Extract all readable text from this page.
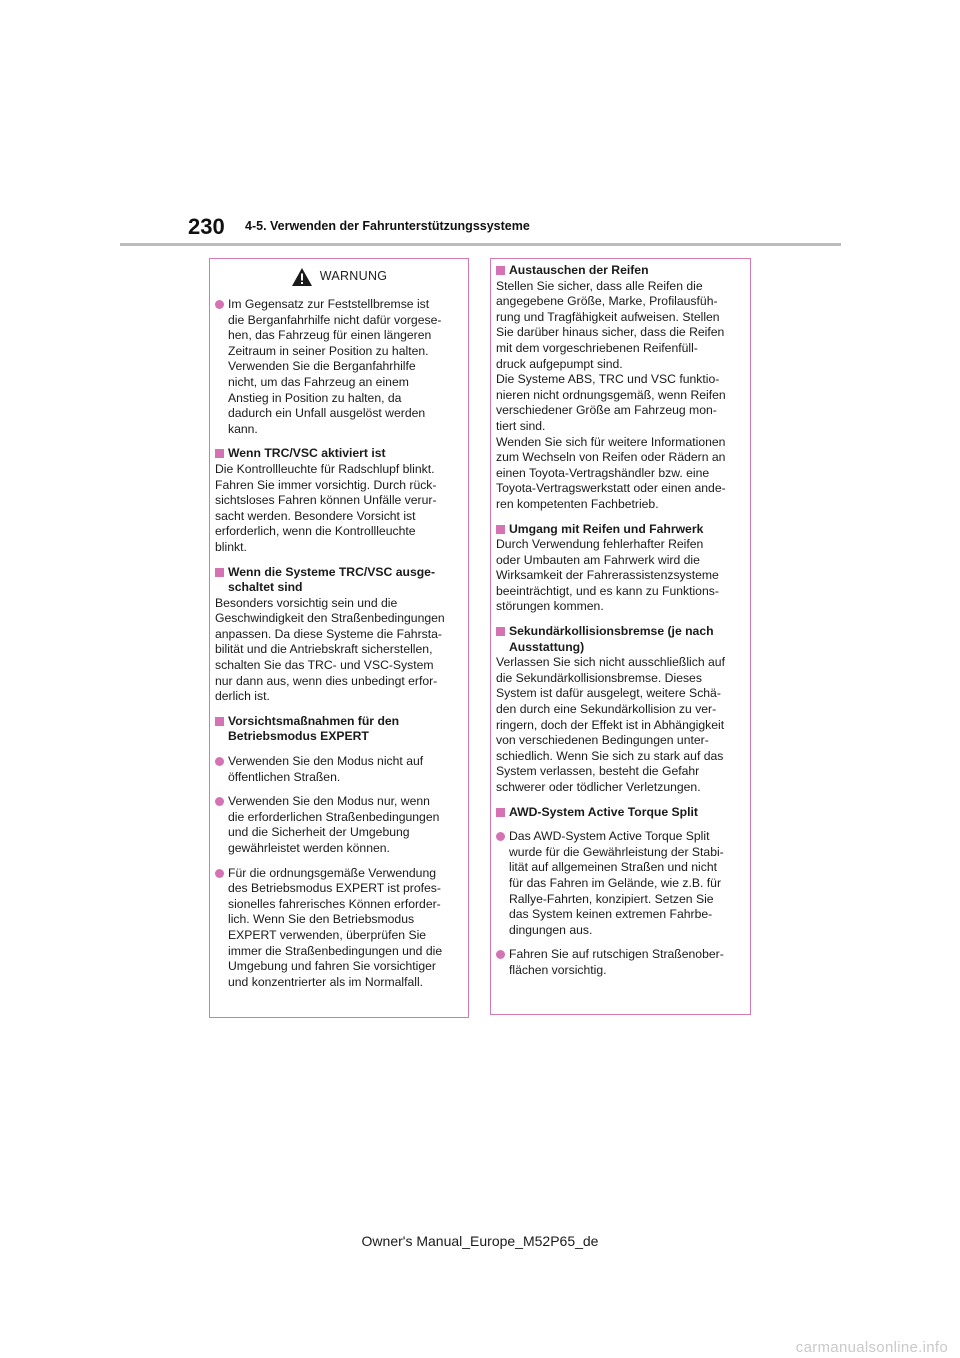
230 4-5. Verwenden der Fahrunterstützungssysteme
WARNUNG

Im Gegensatz zur Feststellbremse ist
die Berganfahrhilfe nicht dafür vorgese-
hen, das Fahrzeug für einen längeren
Zeitraum in seiner Position zu halten.
Verwenden Sie die Berganfahrhilfe
nicht, um das Fahrzeug an einem
Anstieg in Position zu halten, da
dadurch ein Unfall ausgelöst werden
kann.

Wenn TRC/VSC aktiviert ist

Die Kontrollleuchte für Radschlupf blinkt.
Fahren Sie immer vorsichtig. Durch rück-
sichtsloses Fahren können Unfälle verur-
sacht werden. Besondere Vorsicht ist
erforderlich, wenn die Kontrollleuchte
blinkt.

Wenn die Systeme TRC/VSC ausge-
schaltet sind

Besonders vorsichtig sein und die
Geschwindigkeit den Straßenbedingungen
anpassen. Da diese Systeme die Fahrsta-
bilität und die Antriebskraft sicherstellen,
schalten Sie das TRC- und VSC-System
nur dann aus, wenn dies unbedingt erfor-
derlich ist.

Vorsichtsmaßnahmen für den
Betriebsmodus EXPERT

Verwenden Sie den Modus nicht auf
öffentlichen Straßen.

Verwenden Sie den Modus nur, wenn
die erforderlichen Straßenbedingungen
und die Sicherheit der Umgebung
gewährleistet werden können.

Für die ordnungsgemäße Verwendung
des Betriebsmodus EXPERT ist profes-
sionelles fahrerisches Können erforder-
lich. Wenn Sie den Betriebsmodus
EXPERT verwenden, überprüfen Sie
immer die Straßenbedingungen und die
Umgebung und fahren Sie vorsichtiger
und konzentrierter als im Normalfall.

Austauschen der Reifen

Stellen Sie sicher, dass alle Reifen die
angegebene Größe, Marke, Profilausfüh-
rung und Tragfähigkeit aufweisen. Stellen
Sie darüber hinaus sicher, dass die Reifen
mit dem vorgeschriebenen Reifenfüll-
druck aufgepumpt sind.
Die Systeme ABS, TRC und VSC funktio-
nieren nicht ordnungsgemäß, wenn Reifen
verschiedener Größe am Fahrzeug mon-
tiert sind.
Wenden Sie sich für weitere Informationen
zum Wechseln von Reifen oder Rädern an
einen Toyota-Vertragshändler bzw. eine
Toyota-Vertragswerkstatt oder einen ande-
ren kompetenten Fachbetrieb.

Umgang mit Reifen und Fahrwerk

Durch Verwendung fehlerhafter Reifen
oder Umbauten am Fahrwerk wird die
Wirksamkeit der Fahrerassistenzsysteme
beeinträchtigt, und es kann zu Funktions-
störungen kommen.

Sekundärkollisionsbremse (je nach
Ausstattung)

Verlassen Sie sich nicht ausschließlich auf
die Sekundärkollisionsbremse. Dieses
System ist dafür ausgelegt, weitere Schä-
den durch eine Sekundärkollision zu ver-
ringern, doch der Effekt ist in Abhängigkeit
von verschiedenen Bedingungen unter-
schiedlich. Wenn Sie sich zu stark auf das
System verlassen, besteht die Gefahr
schwerer oder tödlicher Verletzungen.

AWD-System Active Torque Split

Das AWD-System Active Torque Split
wurde für die Gewährleistung der Stabi-
lität auf allgemeinen Straßen und nicht
für das Fahren im Gelände, wie z.B. für
Rallye-Fahrten, konzipiert. Setzen Sie
das System keinen extremen Fahrbe-
dingungen aus.

Fahren Sie auf rutschigen Straßenober-
flächen vorsichtig.

Owner's Manual_Europe_M52P65_de
carmanualsonline.info
